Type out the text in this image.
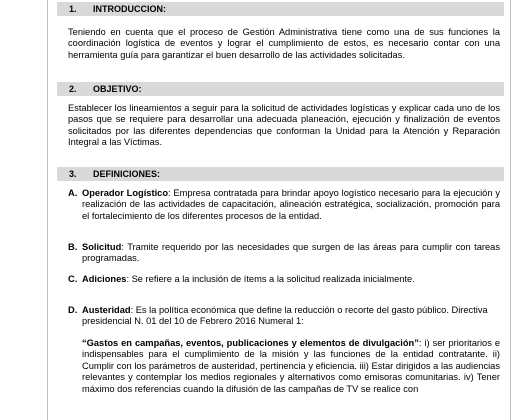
1. INTRODUCCION:

Teniendo en cuenta que el proceso de Gestión Administrativa tiene como una de sus funciones la coordinación logística de eventos y lograr el cumplimiento de estos, es necesario contar con una herramienta guía para garantizar el buen desarrollo de las actividades solicitadas.

2. OBJETIVO:

Establecer los lineamientos a seguir para la solicitud de actividades logísticas y explicar cada uno de los pasos que se requiere para desarrollar una adecuada planeación, ejecución y finalización de eventos solicitados por las diferentes dependencias que conforman la Unidad para la Atención y Reparación Integral a las Víctimas.

3. DEFINICIONES:
A. Operador Logístico: Empresa contratada para brindar apoyo logístico necesario para la ejecución y realización de las actividades de capacitación, alineación estratégica, socialización, promoción para el fortalecimiento de los diferentes procesos de la entidad.
B. Solicitud: Tramite requerido por las necesidades que surgen de las áreas para cumplir con tareas programadas.
C. Adiciones: Se refiere a la inclusión de ítems a la solicitud realizada inicialmente.
D. Austeridad: Es la política económica que define la reducción o recorte del gasto público. Directiva presidencial N. 01 del 10 de Febrero 2016 Numeral 1:

“Gastos en campañas, eventos, publicaciones y elementos de divulgación”: i) ser prioritarios e indispensables para el cumplimiento de la misión y las funciones de la entidad contratante. ii) Cumplir con los parámetros de austeridad, pertinencia y eficiencia. iii) Estar dirigidos a las audiencias relevantes y contemplar los medios regionales y alternativos como emisoras comunitarias. iv) Tener máximo dos referencias cuando la difusión de las campañas de TV se realice con
